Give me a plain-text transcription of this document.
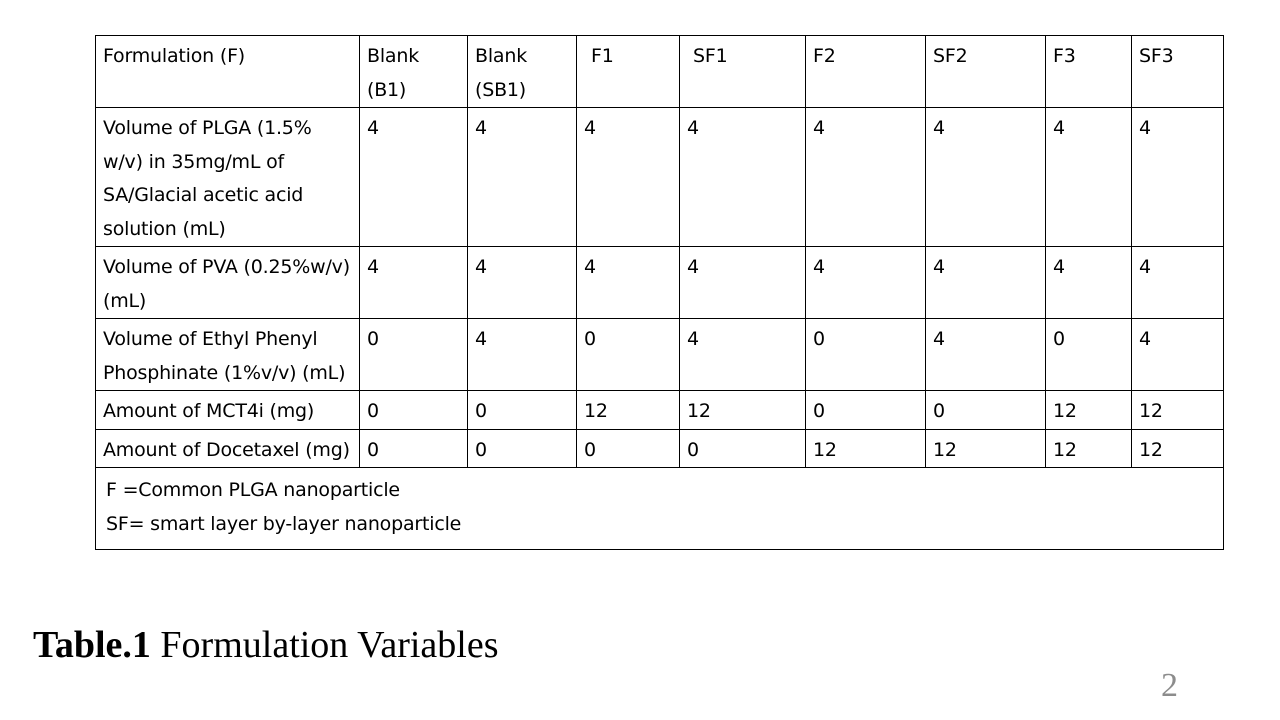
Formulation (F)	Blank (B1)	Blank (SB1)	F1	SF1	F2	SF2	F3	SF3
Volume of PLGA (1.5% w/v) in 35mg/mL of SA/Glacial acetic acid solution (mL)	4	4	4	4	4	4	4	4
Volume of PVA (0.25%w/v) (mL)	4	4	4	4	4	4	4	4
Volume of Ethyl Phenyl Phosphinate (1%v/v) (mL)	0	4	0	4	0	4	0	4
Amount of MCT4i (mg)	0	0	12	12	0	0	12	12
Amount of Docetaxel (mg)	0	0	0	0	12	12	12	12

F =Common PLGA nanoparticle
SF= smart layer by-layer nanoparticle								
Table.1 Formulation Variables
2
